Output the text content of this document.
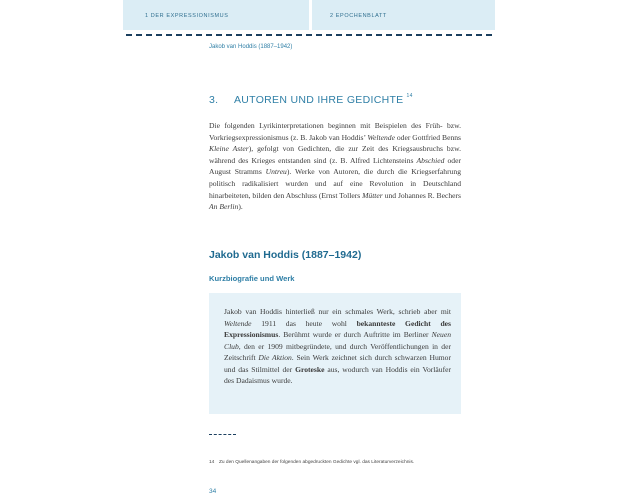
1 DER EXPRESSIONISMUS	2 EPOCHENBLATT
Jakob van Hoddis (1887–1942)
3. AUTOREN UND IHRE GEDICHTE $^{14}$

Die folgenden Lyrikinterpretationen beginnen mit Beispielen des Früh- bzw. Vorkriegsexpressionismus (z. B. Jakob van Hoddis’ Weltende oder Gottfried Benns Kleine Aster), gefolgt von Gedichten, die zur Zeit des Kriegsausbruchs bzw. während des Krieges entstanden sind (z. B. Alfred Lichtensteins Abschied oder August Stramms Untreu). Werke von Autoren, die durch die Kriegserfahrung politisch radikalisiert wurden und auf eine Revolution in Deutschland hinarbeiteten, bilden den Abschluss (Ernst Tollers Mütter und Johannes R. Bechers An Berlin).

Jakob van Hoddis (1887–1942)
Kurzbiografie und Werk

Jakob van Hoddis hinterließ nur ein schmales Werk, schrieb aber mit Weltende 1911 das heute wohl bekannteste Gedicht des Expressionismus. Berühmt wurde er durch Auftritte im Berliner Neuen Club, den er 1909 mitbegründete, und durch Veröffentlichungen in der Zeitschrift Die Aktion. Sein Werk zeichnet sich durch schwarzen Humor und das Stilmittel der Groteske aus, wodurch van Hoddis ein Vorläufer des Dadaismus wurde.

14 Zu den Quellenangaben der folgenden abgedruckten Gedichte vgl. das Literaturverzeichnis.
34
